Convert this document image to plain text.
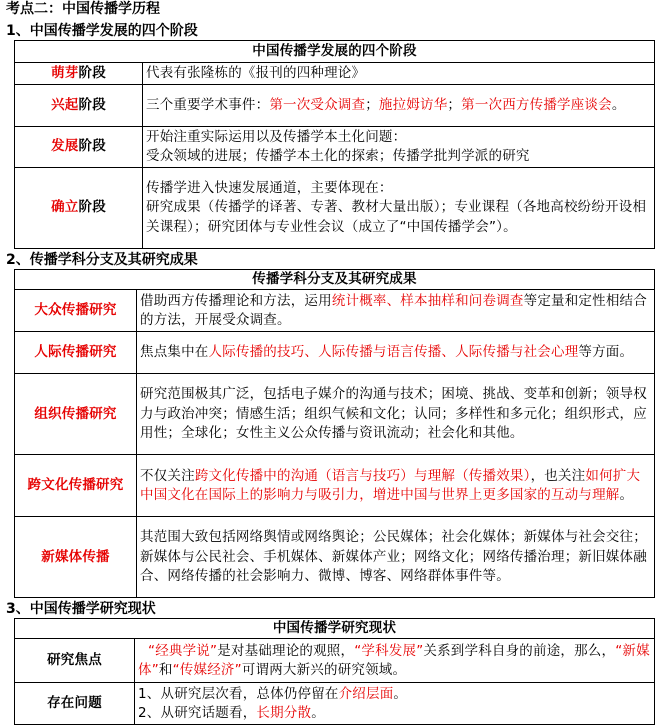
考点二：中国传播学历程
1、中国传播学发展的四个阶段
中国传播学发展的四个阶段	
萌芽阶段	代表有张隆栋的《报刊的四种理论》
兴起阶段	三个重要学术事件：第一次受众调查；施拉姆访华；第一次西方传播学座谈会。
发展阶段	开始注重实际运用以及传播学本土化问题：
受众领域的进展；传播学本土化的探索；传播学批判学派的研究
确立阶段	传播学进入快速发展通道，主要体现在：
研究成果（传播学的译著、专著、教材大量出版）；专业课程（各地高校纷纷开设相关课程）；研究团体与专业性会议（成立了“中国传播学会”）。
2、传播学科分支及其研究成果
传播学科分支及其研究成果	
大众传播研究	借助西方传播理论和方法，运用统计概率、样本抽样和问卷调查等定量和定性相结合的方法，开展受众调查。
人际传播研究	焦点集中在人际传播的技巧、人际传播与语言传播、人际传播与社会心理等方面。
组织传播研究	研究范围极其广泛，包括电子媒介的沟通与技术；困境、挑战、变革和创新；领导权力与政治冲突；情感生活；组织气候和文化；认同；多样性和多元化；组织形式，应用性；全球化；女性主义公众传播与资讯流动；社会化和其他。
跨文化传播研究	不仅关注跨文化传播中的沟通（语言与技巧）与理解（传播效果），也关注如何扩大中国文化在国际上的影响力与吸引力，增进中国与世界上更多国家的互动与理解。
新媒体传播	其范围大致包括网络舆情或网络舆论；公民媒体；社会化媒体；新媒体与社会交往；新媒体与公民社会、手机媒体、新媒体产业；网络文化；网络传播治理；新旧媒体融合、网络传播的社会影响力、微博、博客、网络群体事件等。
3、中国传播学研究现状
中国传播学研究现状	
研究焦点	“经典学说”是对基础理论的观照，“学科发展”关系到学科自身的前途，那么，“新媒体”和“传媒经济”可谓两大新兴的研究领域。
存在问题	1、从研究层次看，总体仍停留在介绍层面。
2、从研究话题看，长期分散。
